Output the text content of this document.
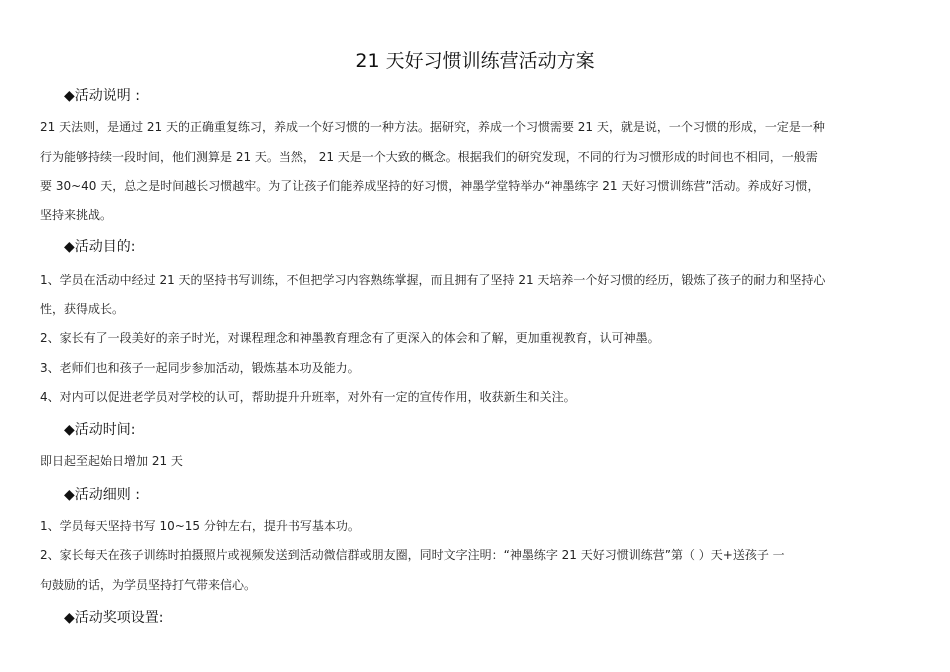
21 天好习惯训练营活动方案
◆活动说明 :
21 天法则，是通过 21 天的正确重复练习，养成一个好习惯的一种方法。据研究，养成一个习惯需要 21 天，就是说，一个习惯的形成，一定是一种
行为能够持续一段时间，他们测算是 21 天。当然， 21 天是一个大致的概念。根据我们的研究发现，不同的行为习惯形成的时间也不相同，一般需
要 30~40 天，总之是时间越长习惯越牢。为了让孩子们能养成坚持的好习惯，神墨学堂特举办“神墨练字 21 天好习惯训练营”活动。养成好习惯，
坚持来挑战。
◆活动目的:
1、学员在活动中经过 21 天的坚持书写训练，不但把学习内容熟练掌握，而且拥有了坚持 21 天培养一个好习惯的经历，锻炼了孩子的耐力和坚持心
性，获得成长。
2、家长有了一段美好的亲子时光，对课程理念和神墨教育理念有了更深入的体会和了解，更加重视教育，认可神墨。
3、老师们也和孩子一起同步参加活动，锻炼基本功及能力。
4、对内可以促进老学员对学校的认可，帮助提升升班率，对外有一定的宣传作用，收获新生和关注。
◆活动时间:
即日起至起始日增加 21 天
◆活动细则 :
1、学员每天坚持书写 10~15 分钟左右，提升书写基本功。
2、家长每天在孩子训练时拍摄照片或视频发送到活动微信群或朋友圈，同时文字注明：“神墨练字 21 天好习惯训练营”第（ ）天+送孩子 一
句鼓励的话，为学员坚持打气带来信心。
◆活动奖项设置:
